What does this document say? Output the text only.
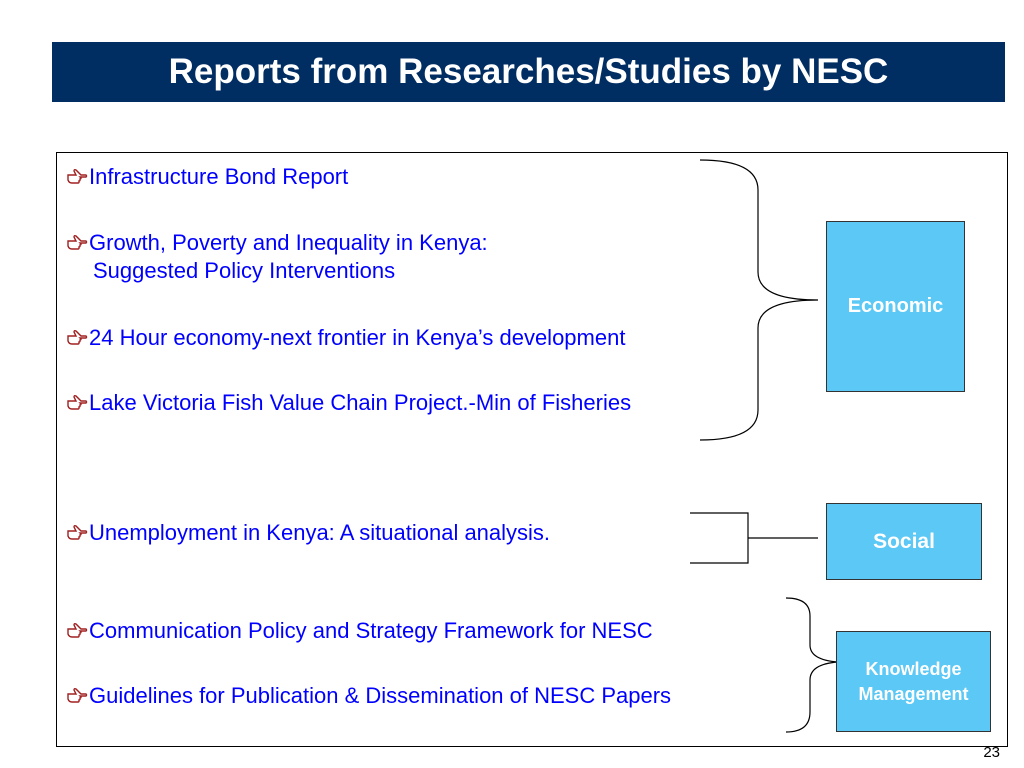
Reports from Researches/Studies by NESC
Infrastructure Bond Report
Growth, Poverty and Inequality in Kenya:
Suggested Policy Interventions
24 Hour economy-next frontier in Kenya’s development
Lake Victoria Fish Value Chain Project.-Min of Fisheries
Unemployment in Kenya: A situational analysis.
Communication Policy and Strategy Framework for NESC
Guidelines for Publication & Dissemination of NESC Papers
Economic
Social
Knowledge
Management
23
